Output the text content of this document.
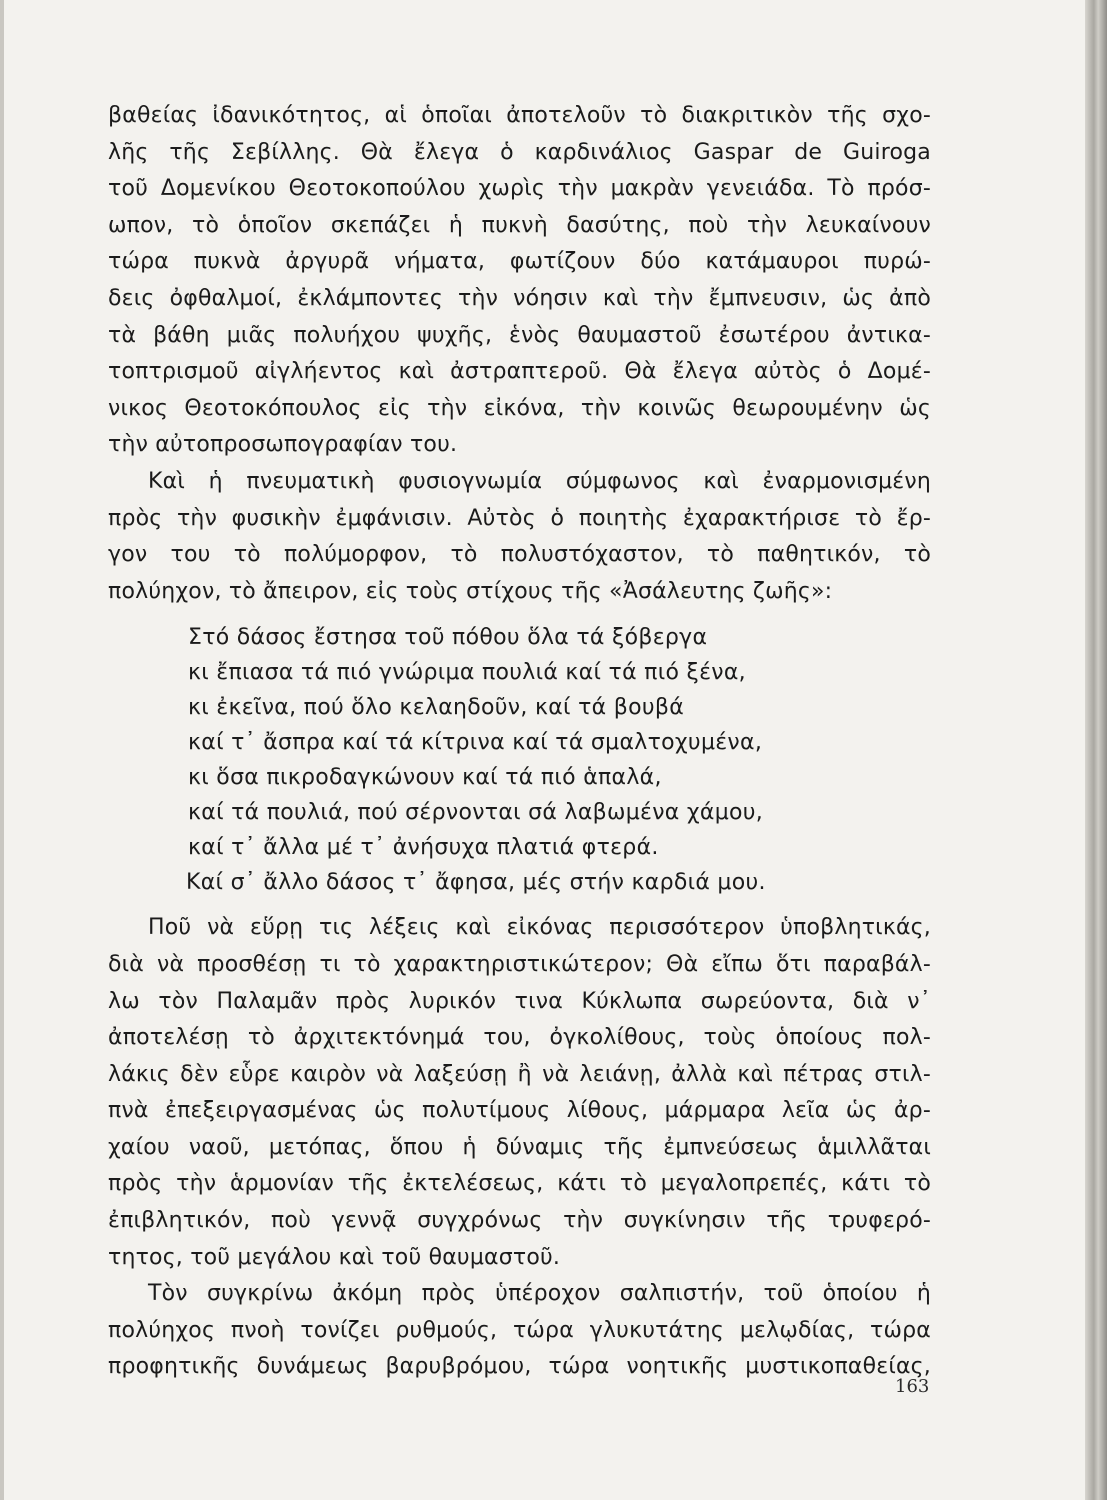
βαθείας ἰδανικότητος, αἱ ὁποῖαι ἀποτελοῦν τὸ διακριτικὸν τῆς σχο-
λῆς τῆς Σεβίλλης. Θὰ ἔλεγα ὁ καρδινάλιος Gaspar de Guiroga
τοῦ Δομενίκου Θεοτοκοπούλου χωρὶς τὴν μακρὰν γενειάδα. Τὸ πρόσ-
ωπον, τὸ ὁποῖον σκεπάζει ἡ πυκνὴ δασύτης, ποὺ τὴν λευκαίνουν
τώρα πυκνὰ ἀργυρᾶ νήματα, φωτίζουν δύο κατάμαυροι πυρώ-
δεις ὀφθαλμοί, ἐκλάμποντες τὴν νόησιν καὶ τὴν ἔμπνευσιν, ὡς ἀπὸ
τὰ βάθη μιᾶς πολυήχου ψυχῆς, ἑνὸς θαυμαστοῦ ἐσωτέρου ἀντικα-
τοπτρισμοῦ αἰγλήεντος καὶ ἀστραπτεροῦ. Θὰ ἔλεγα αὐτὸς ὁ Δομέ-
νικος Θεοτοκόπουλος εἰς τὴν εἰκόνα, τὴν κοινῶς θεωρουμένην ὡς
τὴν αὐτοπροσωπογραφίαν του.
Καὶ ἡ πνευματικὴ φυσιογνωμία σύμφωνος καὶ ἐναρμονισμένη
πρὸς τὴν φυσικὴν ἐμφάνισιν. Αὐτὸς ὁ ποιητὴς ἐχαρακτήρισε τὸ ἔρ-
γον του τὸ πολύμορφον, τὸ πολυστόχαστον, τὸ παθητικόν, τὸ
πολύηχον, τὸ ἄπειρον, εἰς τοὺς στίχους τῆς «Ἀσάλευτης ζωῆς»:
Στό δάσος ἔστησα τοῦ πόθου ὅλα τά ξόβεργα
κι ἔπιασα τά πιό γνώριμα πουλιά καί τά πιό ξένα,
κι ἐκεῖνα, πού ὅλο κελαηδοῦν, καί τά βουβά
καί τ᾿ ἄσπρα καί τά κίτρινα καί τά σμαλτοχυμένα,
κι ὅσα πικροδαγκώνουν καί τά πιό ἁπαλά,
καί τά πουλιά, πού σέρνονται σά λαβωμένα χάμου,
καί τ᾿ ἄλλα μέ τ᾿ ἀνήσυχα πλατιά φτερά.
Καί σ᾿ ἄλλο δάσος τ᾿ ἄφησα, μές στήν καρδιά μου.
Ποῦ νὰ εὕρῃ τις λέξεις καὶ εἰκόνας περισσότερον ὑποβλητικάς,
διὰ νὰ προσθέσῃ τι τὸ χαρακτηριστικώτερον; Θὰ εἴπω ὅτι παραβάλ-
λω τὸν Παλαμᾶν πρὸς λυρικόν τινα Κύκλωπα σωρεύοντα, διὰ ν᾿
ἀποτελέσῃ τὸ ἀρχιτεκτόνημά του, ὀγκολίθους, τοὺς ὁποίους πολ-
λάκις δὲν εὗρε καιρὸν νὰ λαξεύσῃ ἢ νὰ λειάνῃ, ἀλλὰ καὶ πέτρας στιλ-
πνὰ ἐπεξειργασμένας ὡς πολυτίμους λίθους, μάρμαρα λεῖα ὡς ἀρ-
χαίου ναοῦ, μετόπας, ὅπου ἡ δύναμις τῆς ἐμπνεύσεως ἁμιλλᾶται
πρὸς τὴν ἁρμονίαν τῆς ἐκτελέσεως, κάτι τὸ μεγαλοπρεπές, κάτι τὸ
ἐπιβλητικόν, ποὺ γεννᾷ συγχρόνως τὴν συγκίνησιν τῆς τρυφερό-
τητος, τοῦ μεγάλου καὶ τοῦ θαυμαστοῦ.
Τὸν συγκρίνω ἀκόμη πρὸς ὑπέροχον σαλπιστήν, τοῦ ὁποίου ἡ
πολύηχος πνοὴ τονίζει ρυθμούς, τώρα γλυκυτάτης μελῳδίας, τώρα
προφητικῆς δυνάμεως βαρυβρόμου, τώρα νοητικῆς μυστικοπαθείας,
163
